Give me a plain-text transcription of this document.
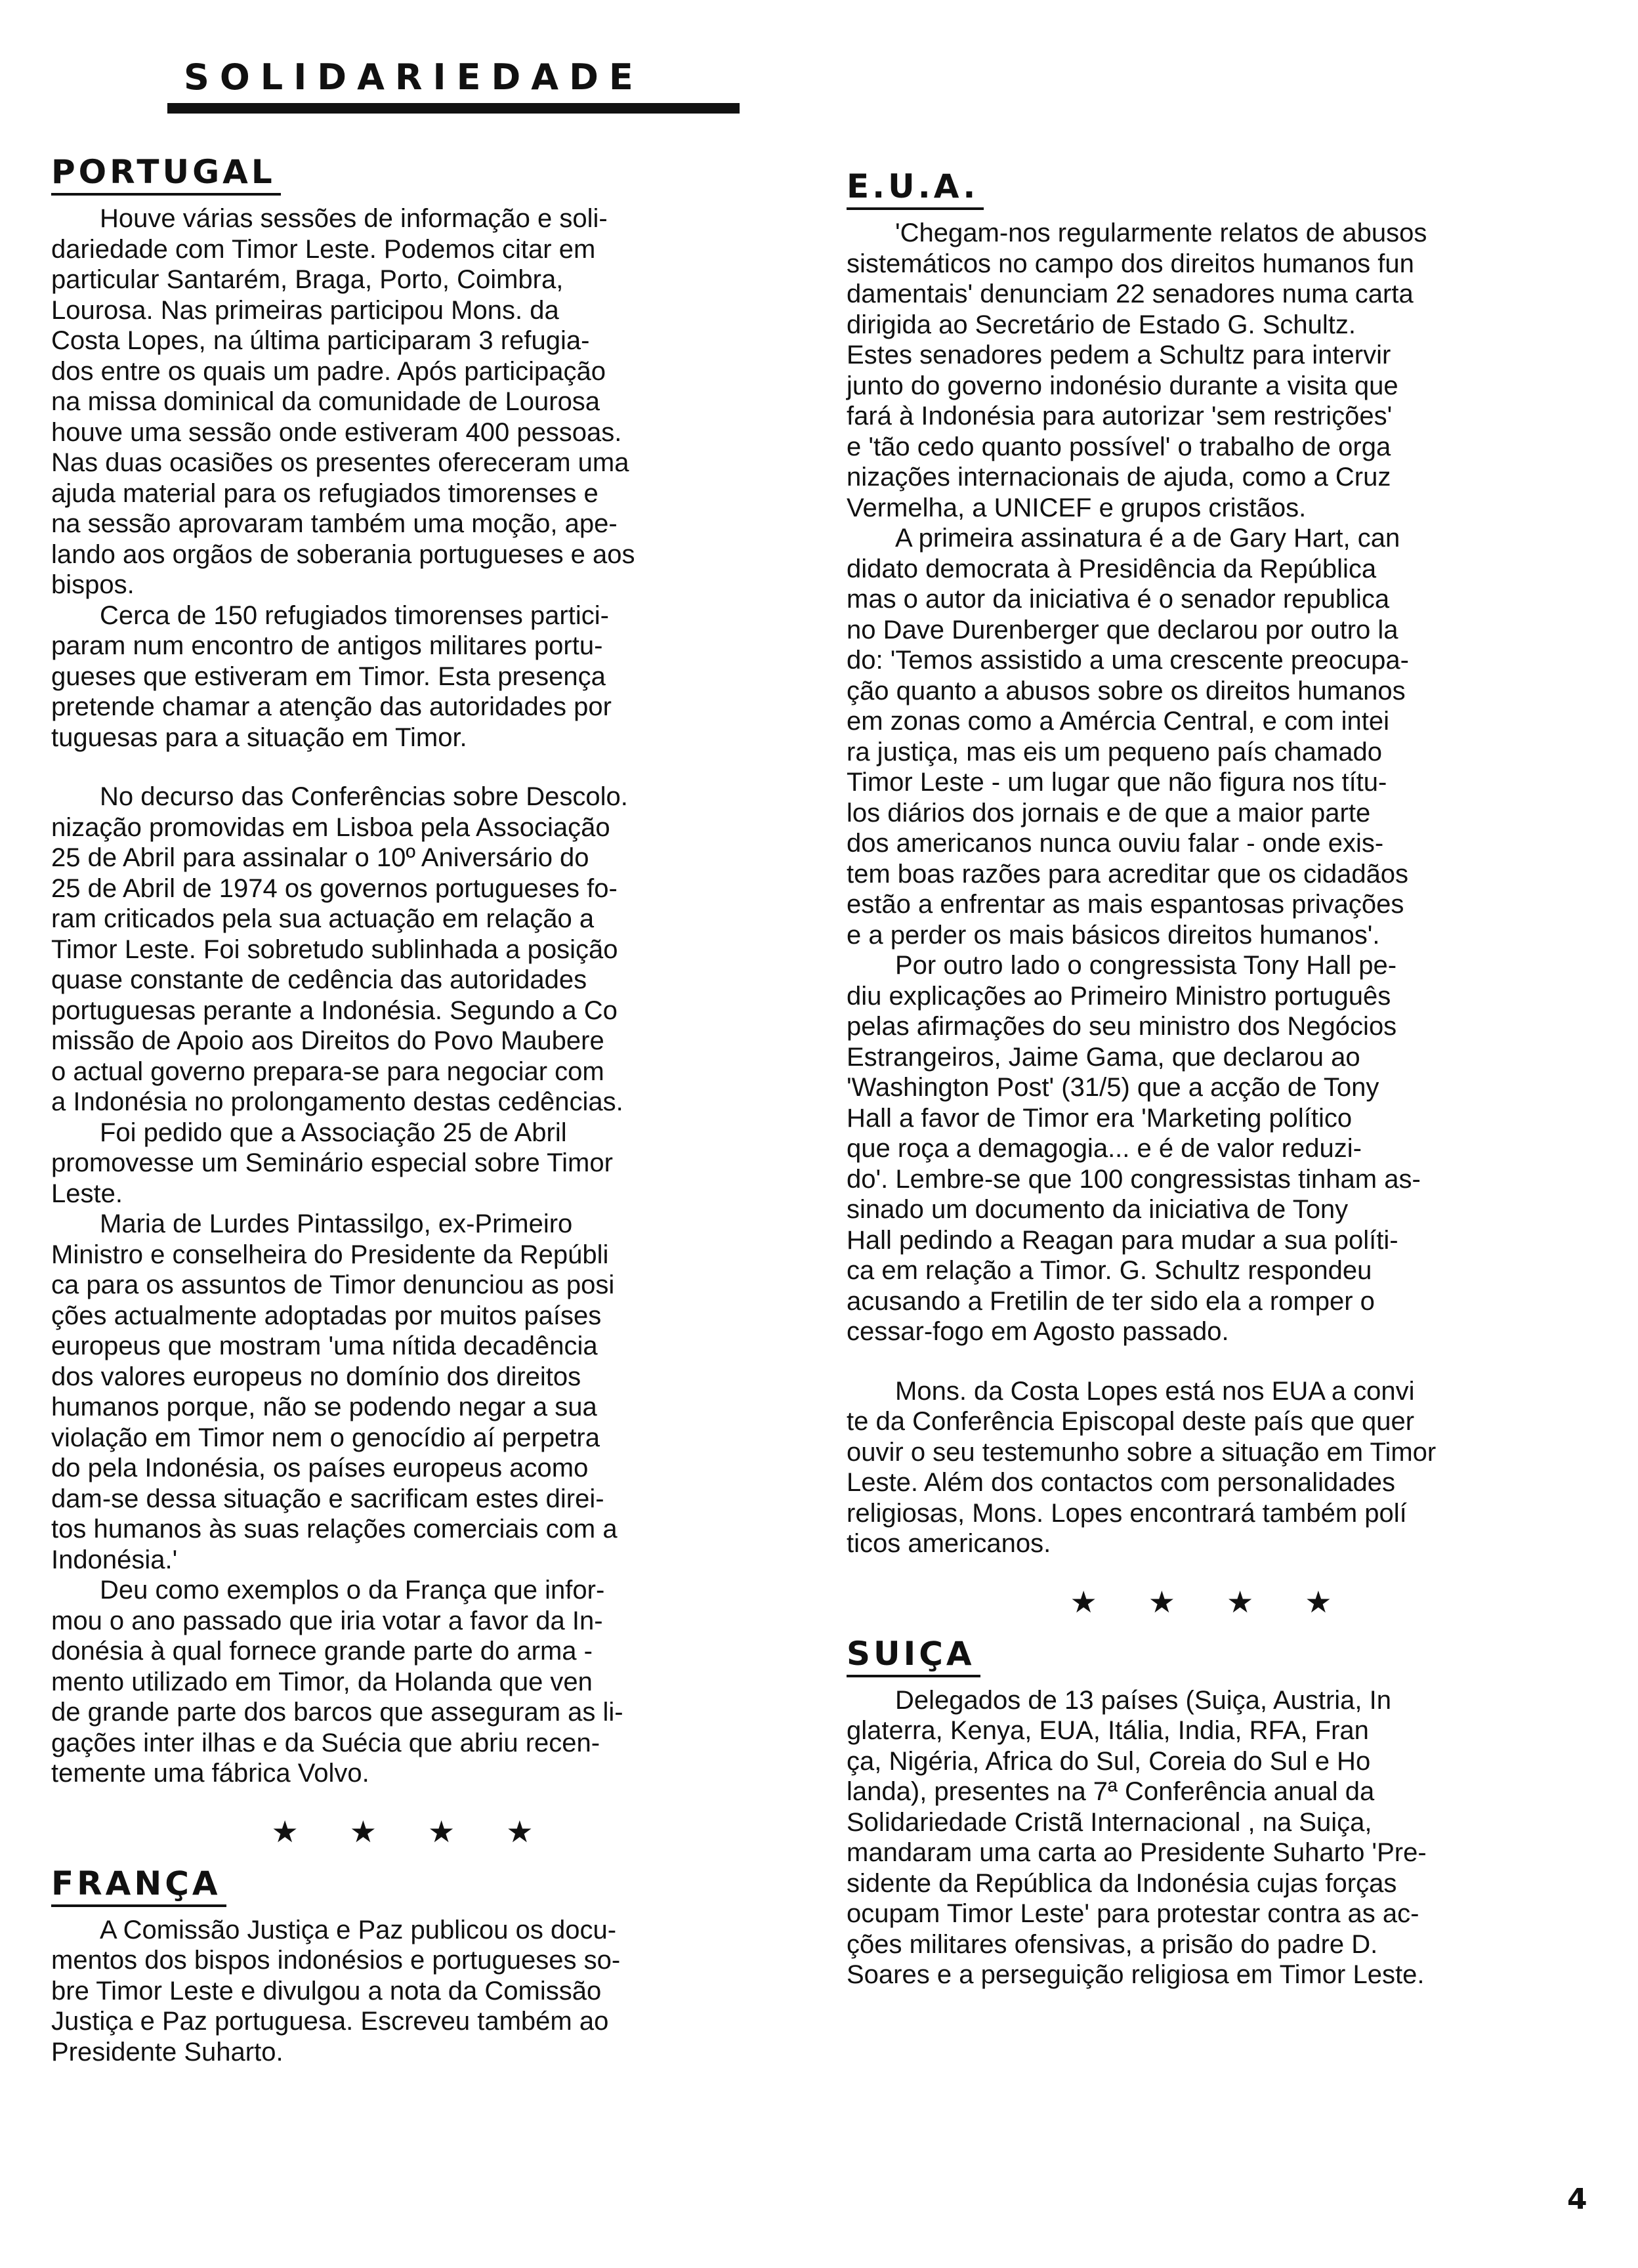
SOLIDARIEDADE
PORTUGAL

Houve várias sessões de informação e soli-
dariedade com Timor Leste. Podemos citar em
particular Santarém, Braga, Porto, Coimbra,
Lourosa. Nas primeiras participou Mons. da
Costa Lopes, na última participaram 3 refugia-
dos entre os quais um padre. Após participação
na missa dominical da comunidade de Lourosa
houve uma sessão onde estiveram 400 pessoas.
Nas duas ocasiões os presentes ofereceram uma
ajuda material para os refugiados timorenses e
na sessão aprovaram também uma moção, ape-
lando aos orgãos de soberania portugueses e aos
bispos.

Cerca de 150 refugiados timorenses partici-
param num encontro de antigos militares portu-
gueses que estiveram em Timor. Esta presença
pretende chamar a atenção das autoridades por
tuguesas para a situação em Timor.

No decurso das Conferências sobre Descolo.
nização promovidas em Lisboa pela Associação
25 de Abril para assinalar o 10º Aniversário do
25 de Abril de 1974 os governos portugueses fo-
ram criticados pela sua actuação em relação a
Timor Leste. Foi sobretudo sublinhada a posição
quase constante de cedência das autoridades
portuguesas perante a Indonésia. Segundo a Co
missão de Apoio aos Direitos do Povo Maubere
o actual governo prepara-se para negociar com
a Indonésia no prolongamento destas cedências.

Foi pedido que a Associação 25 de Abril
promovesse um Seminário especial sobre Timor
Leste.

Maria de Lurdes Pintassilgo, ex-Primeiro
Ministro e conselheira do Presidente da Repúbli
ca para os assuntos de Timor denunciou as posi
ções actualmente adoptadas por muitos países
europeus que mostram 'uma nítida decadência
dos valores europeus no domínio dos direitos
humanos porque, não se podendo negar a sua
violação em Timor nem o genocídio aí perpetra
do pela Indonésia, os países europeus acomo
dam-se dessa situação e sacrificam estes direi-
tos humanos às suas relações comerciais com a
Indonésia.'

Deu como exemplos o da França que infor-
mou o ano passado que iria votar a favor da In-
donésia à qual fornece grande parte do arma -
mento utilizado em Timor, da Holanda que ven
de grande parte dos barcos que asseguram as li-
gações inter ilhas e da Suécia que abriu recen-
temente uma fábrica Volvo.

★ ★ ★ ★
FRANÇA

A Comissão Justiça e Paz publicou os docu-
mentos dos bispos indonésios e portugueses so-
bre Timor Leste e divulgou a nota da Comissão
Justiça e Paz portuguesa. Escreveu também ao
Presidente Suharto.

E.U.A.

'Chegam-nos regularmente relatos de abusos
sistemáticos no campo dos direitos humanos fun
damentais' denunciam 22 senadores numa carta
dirigida ao Secretário de Estado G. Schultz.
Estes senadores pedem a Schultz para intervir
junto do governo indonésio durante a visita que
fará à Indonésia para autorizar 'sem restrições'
e 'tão cedo quanto possível' o trabalho de orga
nizações internacionais de ajuda, como a Cruz
Vermelha, a UNICEF e grupos cristãos.

A primeira assinatura é a de Gary Hart, can
didato democrata à Presidência da República
mas o autor da iniciativa é o senador republica
no Dave Durenberger que declarou por outro la
do: 'Temos assistido a uma crescente preocupa-
ção quanto a abusos sobre os direitos humanos
em zonas como a Amércia Central, e com intei
ra justiça, mas eis um pequeno país chamado
Timor Leste - um lugar que não figura nos títu-
los diários dos jornais e de que a maior parte
dos americanos nunca ouviu falar - onde exis-
tem boas razões para acreditar que os cidadãos
estão a enfrentar as mais espantosas privações
e a perder os mais básicos direitos humanos'.

Por outro lado o congressista Tony Hall pe-
diu explicações ao Primeiro Ministro português
pelas afirmações do seu ministro dos Negócios
Estrangeiros, Jaime Gama, que declarou ao
'Washington Post' (31/5) que a acção de Tony
Hall a favor de Timor era 'Marketing político
que roça a demagogia... e é de valor reduzi-
do'. Lembre-se que 100 congressistas tinham as-
sinado um documento da iniciativa de Tony
Hall pedindo a Reagan para mudar a sua políti-
ca em relação a Timor. G. Schultz respondeu
acusando a Fretilin de ter sido ela a romper o
cessar-fogo em Agosto passado.

Mons. da Costa Lopes está nos EUA a convi
te da Conferência Episcopal deste país que quer
ouvir o seu testemunho sobre a situação em Timor
Leste. Além dos contactos com personalidades
religiosas, Mons. Lopes encontrará também polí
ticos americanos.

★ ★ ★ ★
SUIÇA

Delegados de 13 países (Suiça, Austria, In
glaterra, Kenya, EUA, Itália, India, RFA, Fran
ça, Nigéria, Africa do Sul, Coreia do Sul e Ho
landa), presentes na 7ª Conferência anual da
Solidariedade Cristã Internacional , na Suiça,
mandaram uma carta ao Presidente Suharto 'Pre-
sidente da República da Indonésia cujas forças
ocupam Timor Leste' para protestar contra as ac-
ções militares ofensivas, a prisão do padre D.
Soares e a perseguição religiosa em Timor Leste.

4
